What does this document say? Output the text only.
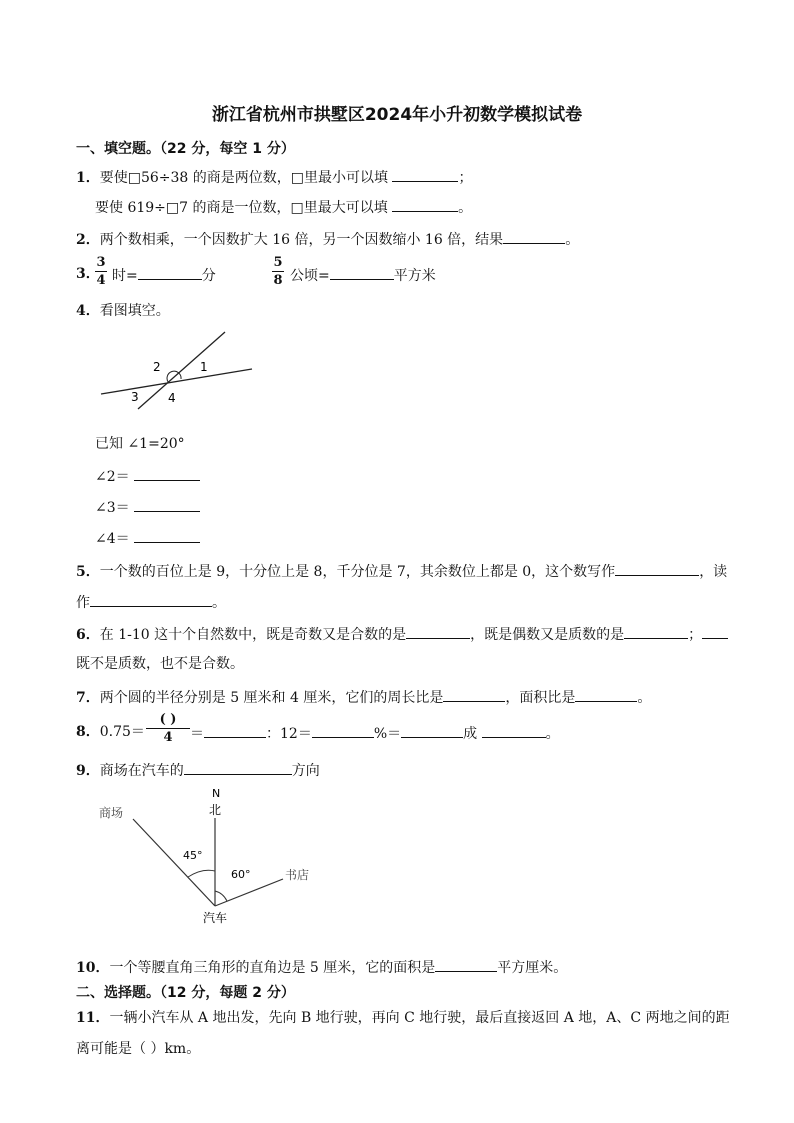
浙江省杭州市拱墅区2024年小升初数学模拟试卷
一、填空题。（22 分，每空 1 分）
1．要使□56÷38 的商是两位数，□里最小可以填	；
要使 619÷□7 的商是一位数，□里最大可以填	。
2．两个数相乘，一个因数扩大 16 倍，另一个因数缩小 16 倍，结果	。
3．
3
4 时=	分
5
8 公顷=	平方米
4．看图填空。
1
2
3 4
已知 ∠1=20°
∠2＝
∠3＝
∠4＝
5．一个数的百位上是 9，十分位上是 8，千分位是 7，其余数位上都是 0，这个数写作	，读
作	。
6．在 1-10 这十个自然数中，既是奇数又是合数的是	，既是偶数又是质数的是	；
既不是质数，也不是合数。
7．两个圆的半径分别是 5 厘米和 4 厘米，它们的周长比是	，面积比是	。
8．0.75＝
( )
4	＝	：12＝	%＝	成	。
9．商场在汽车的	方向
N
北
商场
书店
汽车
45°
60°
10．一个等腰直角三角形的直角边是 5 厘米，它的面积是	平方厘米。
二、选择题。（12 分，每题 2 分）
11．一辆小汽车从 A 地出发，先向 B 地行驶，再向 C 地行驶，最后直接返回 A 地，A、C 两地之间的距
离可能是（ ）km。
